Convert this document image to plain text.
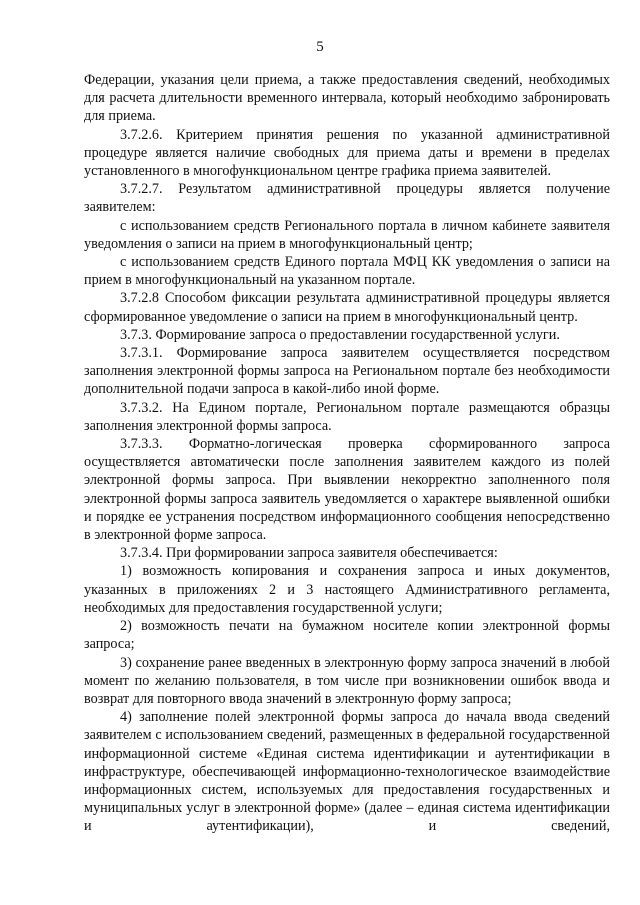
5

Федерации, указания цели приема, а также предоставления сведений, необходимых для расчета длительности временного интервала, который необходимо забронировать для приема.

3.7.2.6. Критерием принятия решения по указанной административной процедуре является наличие свободных для приема даты и времени в пределах установленного в многофункциональном центре графика приема заявителей.

3.7.2.7. Результатом административной процедуры является получение заявителем:

с использованием средств Регионального портала в личном кабинете заявителя уведомления о записи на прием в многофункциональный центр;

с использованием средств Единого портала МФЦ КК уведомления о записи на прием в многофункциональный на указанном портале.

3.7.2.8 Способом фиксации результата административной процедуры является сформированное уведомление о записи на прием в многофункциональный центр.

3.7.3. Формирование запроса о предоставлении государственной услуги.

3.7.3.1. Формирование запроса заявителем осуществляется посредством заполнения электронной формы запроса на Региональном портале без необходимости дополнительной подачи запроса в какой-либо иной форме.

3.7.3.2. На Едином портале, Региональном портале размещаются образцы заполнения электронной формы запроса.

3.7.3.3. Форматно-логическая проверка сформированного запроса осуществляется автоматически после заполнения заявителем каждого из полей электронной формы запроса. При выявлении некорректно заполненного поля электронной формы запроса заявитель уведомляется о характере выявленной ошибки и порядке ее устранения посредством информационного сообщения непосредственно в электронной форме запроса.

3.7.3.4. При формировании запроса заявителя обеспечивается:

1) возможность копирования и сохранения запроса и иных документов, указанных в приложениях 2 и 3 настоящего Административного регламента, необходимых для предоставления государственной услуги;

2) возможность печати на бумажном носителе копии электронной формы запроса;

3) сохранение ранее введенных в электронную форму запроса значений в любой момент по желанию пользователя, в том числе при возникновении ошибок ввода и возврат для повторного ввода значений в электронную форму запроса;

4) заполнение полей электронной формы запроса до начала ввода сведений заявителем с использованием сведений, размещенных в федеральной государственной информационной системе «Единая система идентификации и аутентификации в инфраструктуре, обеспечивающей информационно-технологическое взаимодействие информационных систем, используемых для предоставления государственных и муниципальных услуг в электронной форме» (далее – единая система идентификации и аутентификации), и сведений,
